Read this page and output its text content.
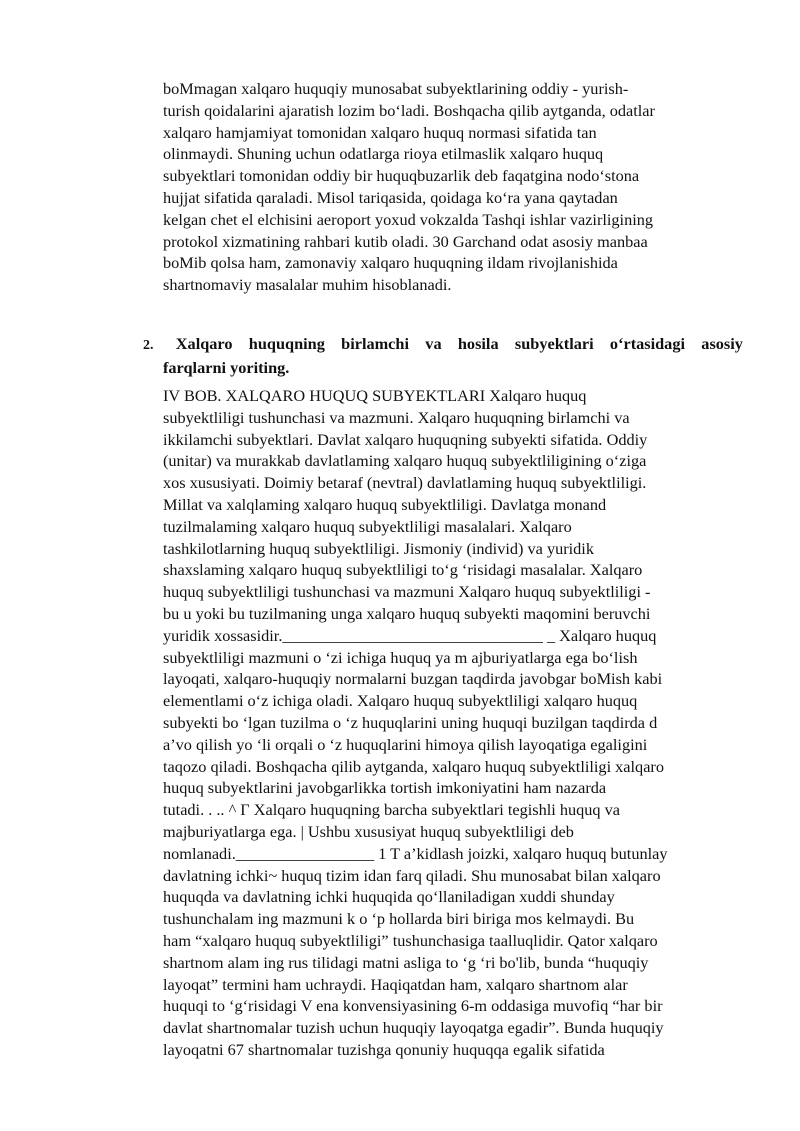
boMmagan xalqaro huquqiy munosabat subyektlarining oddiy - yurish-
turish qoidalarini ajaratish lozim bo‘ladi. Boshqacha qilib aytganda, odatlar
xalqaro hamjamiyat tomonidan xalqaro huquq normasi sifatida tan
olinmaydi. Shuning uchun odatlarga rioya etilmaslik xalqaro huquq
subyektlari tomonidan oddiy bir huquqbuzarlik deb faqatgina nodo‘stona
hujjat sifatida qaraladi. Misol tariqasida, qoidaga ko‘ra yana qaytadan
kelgan chet el elchisini aeroport yoxud vokzalda Tashqi ishlar vazirligining
protokol xizmatining rahbari kutib oladi. 30 Garchand odat asosiy manbaa
boMib qolsa ham, zamonaviy xalqaro huquqning ildam rivojlanishida
shartnomaviy masalalar muhim hisoblanadi.
2.	Xalqaro huquqning birlamchi va hosila subyektlari o‘rtasidagi asosiy
farqlarni yoriting.
IV BOB. XALQARO HUQUQ SUBYEKTLARI Xalqaro huquq
subyektliligi tushunchasi va mazmuni. Xalqaro huquqning birlamchi va
ikkilamchi subyektlari. Davlat xalqaro huquqning subyekti sifatida. Oddiy
(unitar) va murakkab davlatlaming xalqaro huquq subyektliligining o‘ziga
xos xususiyati. Doimiy betaraf (nevtral) davlatlaming huquq subyektliligi.
Millat va xalqlaming xalqaro huquq subyektliligi. Davlatga monand
tuzilmalaming xalqaro huquq subyektliligi masalalari. Xalqaro
tashkilotlarning huquq subyektliligi. Jismoniy (individ) va yuridik
shaxslaming xalqaro huquq subyektliligi to‘g ‘risidagi masalalar. Xalqaro
huquq subyektliligi tushunchasi va mazmuni Xalqaro huquq subyektliligi -
bu u yoki bu tuzilmaning unga xalqaro huquq subyekti maqomini beruvchi
yuridik xossasidir.________________________________ _ Xalqaro huquq
subyektliligi mazmuni o ‘zi ichiga huquq ya m ajburiyatlarga ega bo‘lish
layoqati, xalqaro-huquqiy normalarni buzgan taqdirda javobgar boMish kabi
elementlami o‘z ichiga oladi. Xalqaro huquq subyektliligi xalqaro huquq
subyekti bo ‘lgan tuzilma o ‘z huquqlarini uning huquqi buzilgan taqdirda d
a’vo qilish yo ‘li orqali o ‘z huquqlarini himoya qilish layoqatiga egaligini
taqozo qiladi. Boshqacha qilib aytganda, xalqaro huquq subyektliligi xalqaro
huquq subyektlarini javobgarlikka tortish imkoniyatini ham nazarda
tutadi. . .. ^ Г Xalqaro huquqning barcha subyektlari tegishli huquq va
majburiyatlarga ega. | Ushbu xususiyat huquq subyektliligi deb
nomlanadi._________________ 1 T a’kidlash joizki, xalqaro huquq butunlay
davlatning ichki~ huquq tizim idan farq qiladi. Shu munosabat bilan xalqaro
huquqda va davlatning ichki huquqida qo‘llaniladigan xuddi shunday
tushunchalam ing mazmuni k o ‘p hollarda biri biriga mos kelmaydi. Bu
ham “xalqaro huquq subyektliligi” tushunchasiga taalluqlidir. Qator xalqaro
shartnom alam ing rus tilidagi matni asliga to ‘g ‘ri bo'lib, bunda “huquqiy
layoqat” termini ham uchraydi. Haqiqatdan ham, xalqaro shartnom alar
huquqi to ‘g‘risidagi V ena konvensiyasining 6-m oddasiga muvofiq “har bir
davlat shartnomalar tuzish uchun huquqiy layoqatga egadir”. Bunda huquqiy
layoqatni 67 shartnomalar tuzishga qonuniy huquqqa egalik sifatida
